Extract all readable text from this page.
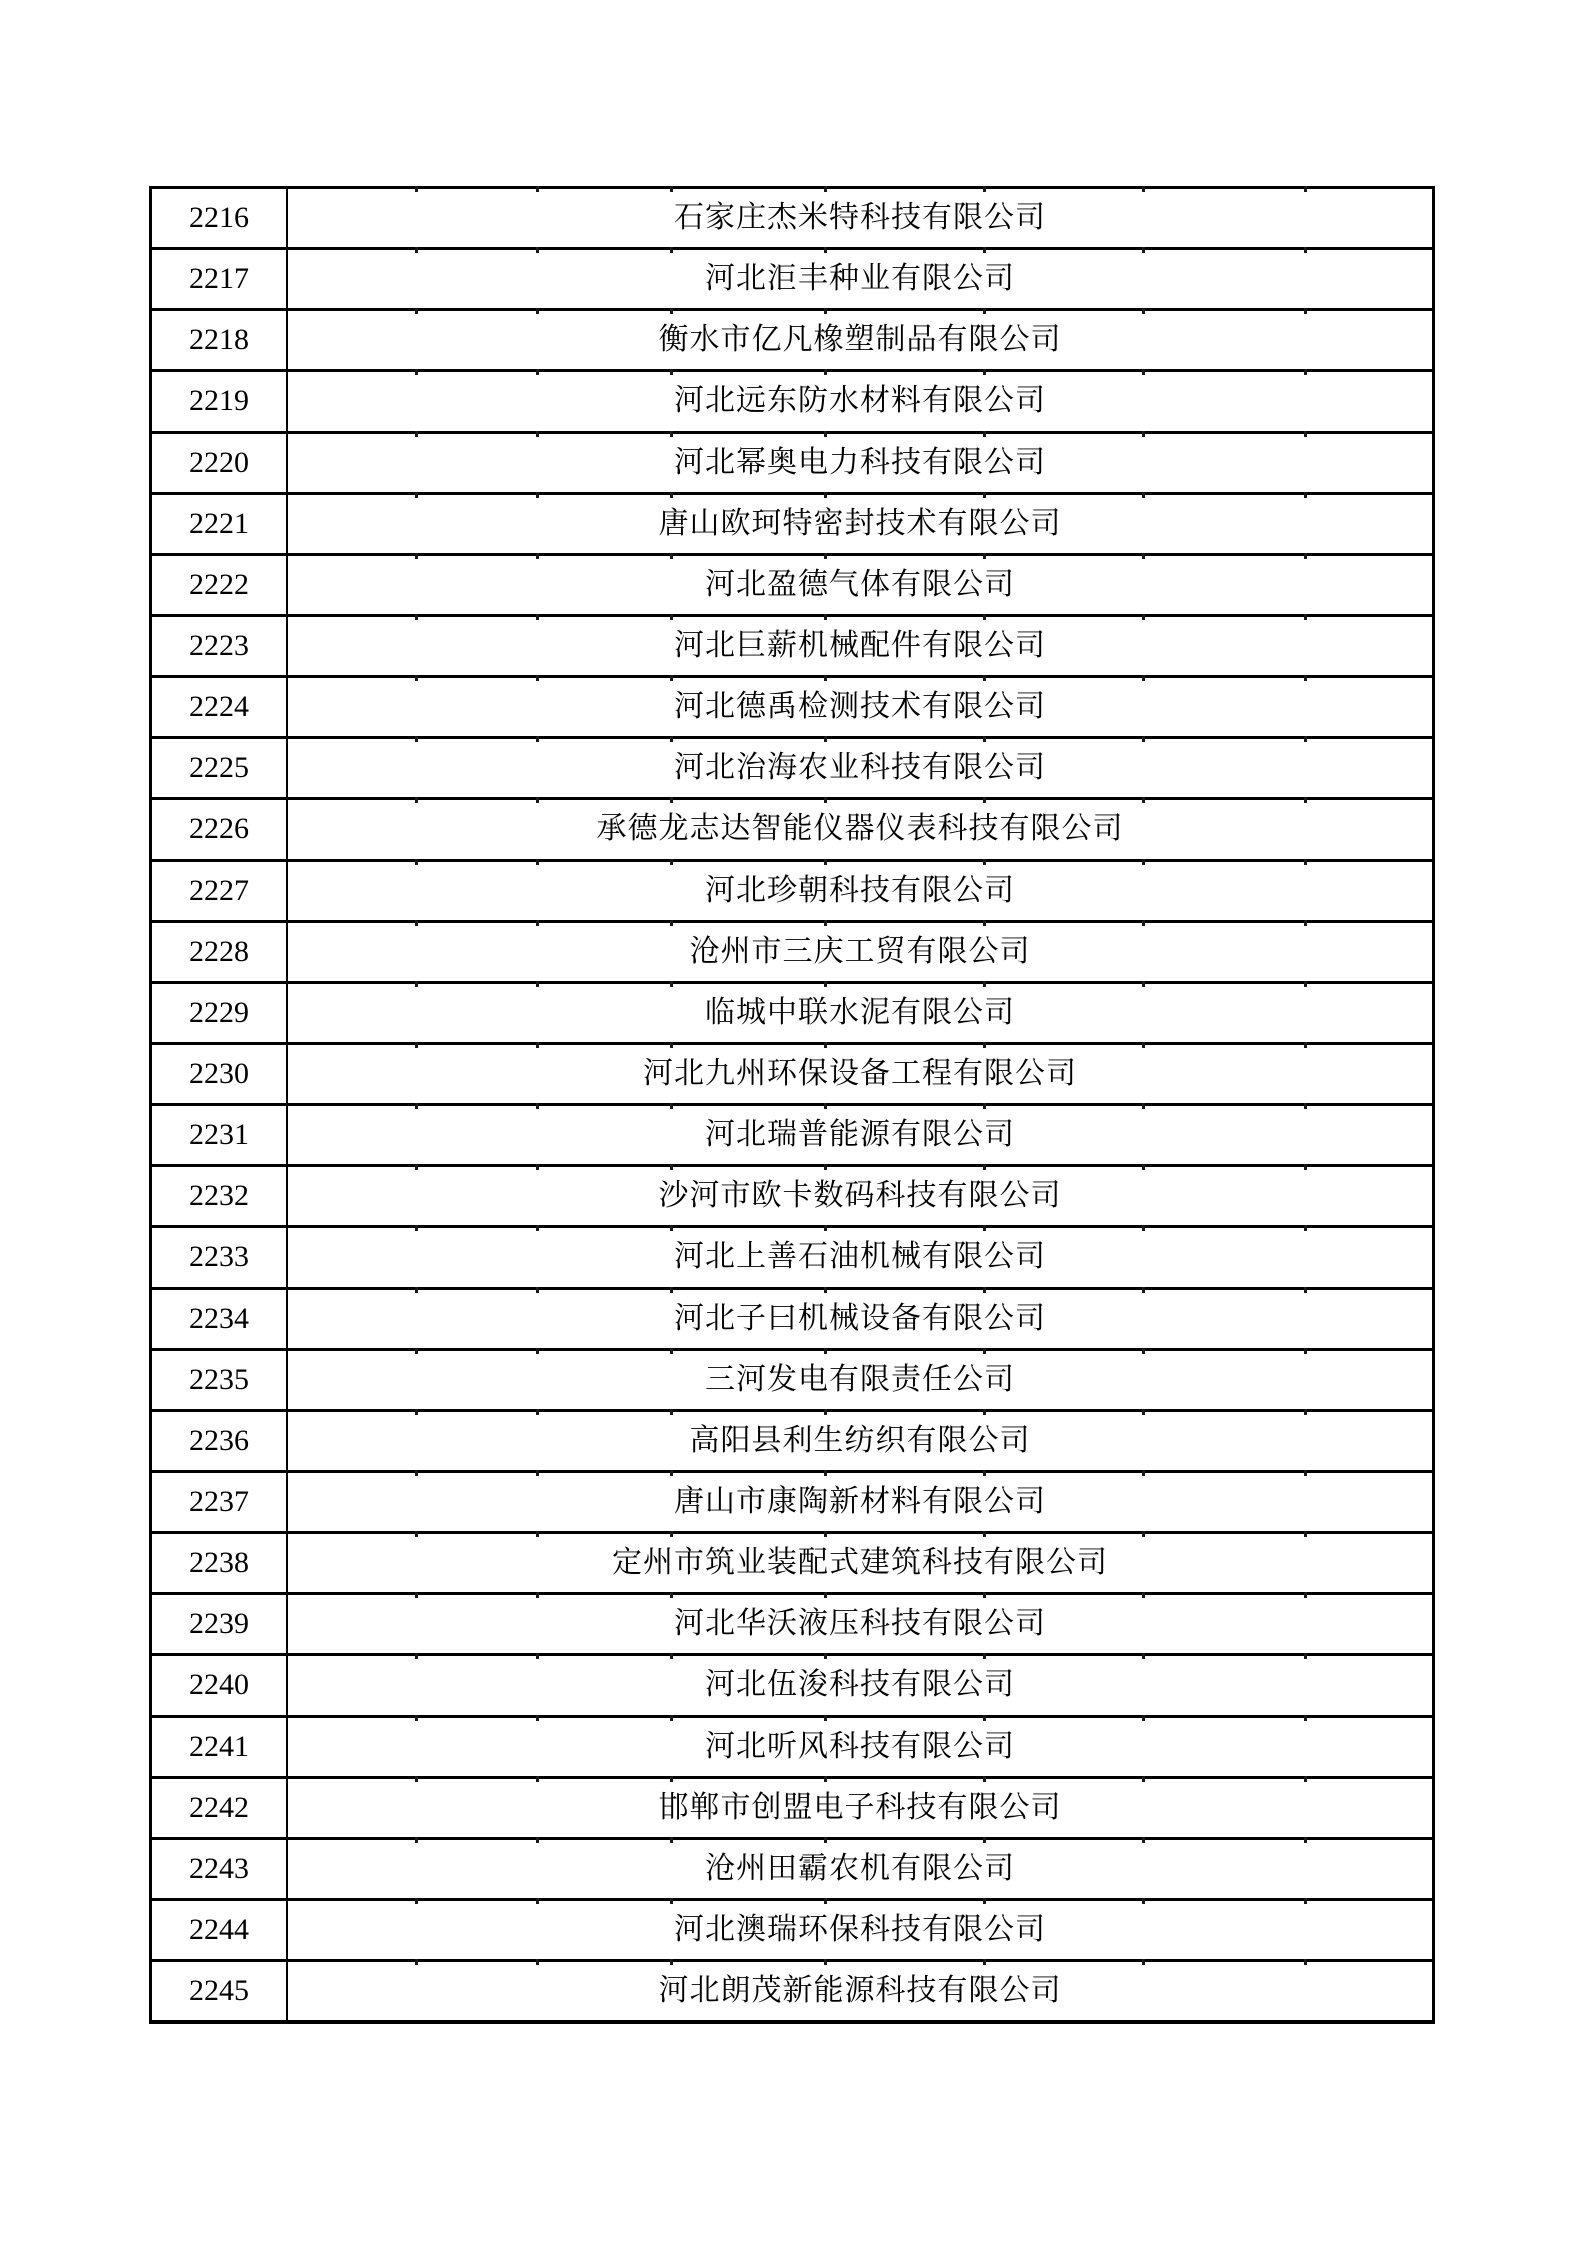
2216	石家庄杰米特科技有限公司
2217	河北洰丰种业有限公司
2218	衡水市亿凡橡塑制品有限公司
2219	河北远东防水材料有限公司
2220	河北幂奥电力科技有限公司
2221	唐山欧珂特密封技术有限公司
2222	河北盈德气体有限公司
2223	河北巨薪机械配件有限公司
2224	河北德禹检测技术有限公司
2225	河北治海农业科技有限公司
2226	承德龙志达智能仪器仪表科技有限公司
2227	河北珍朝科技有限公司
2228	沧州市三庆工贸有限公司
2229	临城中联水泥有限公司
2230	河北九州环保设备工程有限公司
2231	河北瑞普能源有限公司
2232	沙河市欧卡数码科技有限公司
2233	河北上善石油机械有限公司
2234	河北子曰机械设备有限公司
2235	三河发电有限责任公司
2236	高阳县利生纺织有限公司
2237	唐山市康陶新材料有限公司
2238	定州市筑业装配式建筑科技有限公司
2239	河北华沃液压科技有限公司
2240	河北伍浚科技有限公司
2241	河北听风科技有限公司
2242	邯郸市创盟电子科技有限公司
2243	沧州田霸农机有限公司
2244	河北澳瑞环保科技有限公司
2245	河北朗茂新能源科技有限公司
